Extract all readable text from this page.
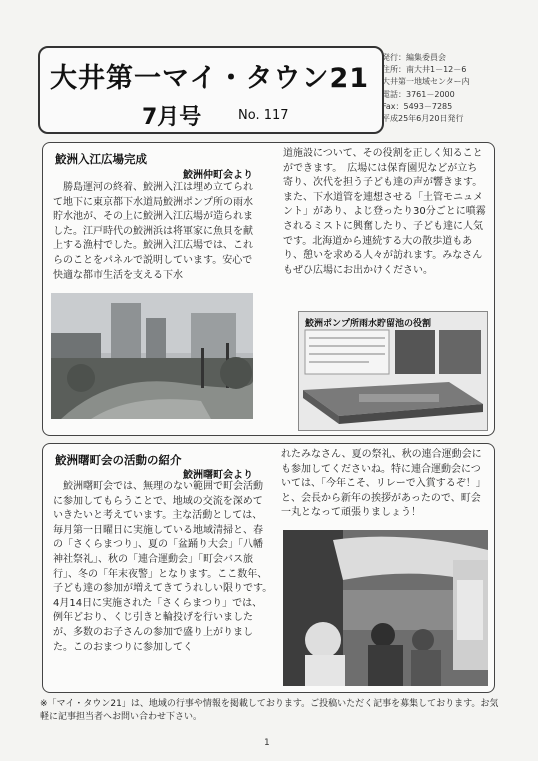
大井第一マイ・タウン21
7月号	No. 117
発行：編集委員会
住所：南大井1－12－6
大井第一地域センター内
電話：3761－2000
Fax：5493－7285
平成25年6月20日発行
鮫洲入江広場完成
鮫洲仲町会より

勝島運河の終着、鮫洲入江は埋め立てられて地下に東京都下水道局鮫洲ポンプ所の雨水貯水池が、その上に鮫洲入江広場が造られました。江戸時代の鮫洲浜は将軍家に魚貝を献上する漁村でした。鮫洲入江広場では、これらのことをパネルで説明しています。安心で快適な都市生活を支える下水

道施設について、その役割を正しく知ることができます。　広場には保育園児などが立ち寄り、次代を担う子ども達の声が響きます。また、下水道管を連想させる「土管モニュメント」があり、よじ登ったり30分ごとに噴霧されるミストに興奮したり、子ども達に人気です。北海道から連続する大の散歩道もあり、憩いを求める人々が訪れます。みなさんもぜひ広場にお出かけください。

鮫洲ポンプ所雨水貯留池の役割
鮫洲曙町会の活動の紹介
鮫洲曙町会より

鮫洲曙町会では、無理のない範囲で町会活動に参加してもらうことで、地域の交流を深めていきたいと考えています。主な活動としては、毎月第一日曜日に実施している地域清掃と、春の「さくらまつり」、夏の「盆踊り大会」「八幡神社祭礼」、秋の「連合運動会」「町会バス旅行」、冬の「年末夜警」となります。ここ数年、子ども達の参加が増えてきてうれしい限りです。　4月14日に実施された「さくらまつり」では、例年どおり、くじ引きと輪投げを行いましたが、多数のお子さんの参加で盛り上がりました。このおまつりに参加してく

れたみなさん、夏の祭礼、秋の連合運動会にも参加してくださいね。特に連合運動会については、「今年こそ、リレーで入賞するぞ！」と、会長から新年の挨拶があったので、町会一丸となって頑張りましょう！

※「マイ・タウン21」は、地域の行事や情報を掲載しております。ご投稿いただく記事を募集しております。お気軽に記事担当者へお問い合わせ下さい。
1
